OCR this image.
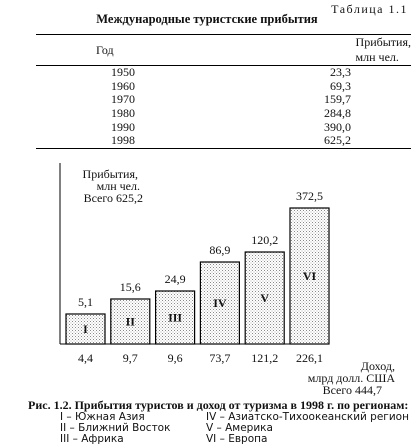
Таблица 1.1
Международные туристские прибытия
Год	Прибытия, млн чел.
1950	23,3
1960	69,3
1970	159,7
1980	284,8
1990	390,0
1998	625,2
Прибытия,
млн чел.
Всего 625,2
I
5,1
4,4
II
15,6
9,7
III
24,9
9,6
IV
86,9
73,7
V
120,2
121,2
VI
372,5
226,1
Доход,
млрд долл. США
Всего 444,7
Рис. 1.2. Прибытия туристов и доход от туризма в 1998 г. по регионам:
I – Южная Азия
II – Ближний Восток
III – Африка
IV – Азиатско-Тихоокеанский регион
V – Америка
VI – Европа
